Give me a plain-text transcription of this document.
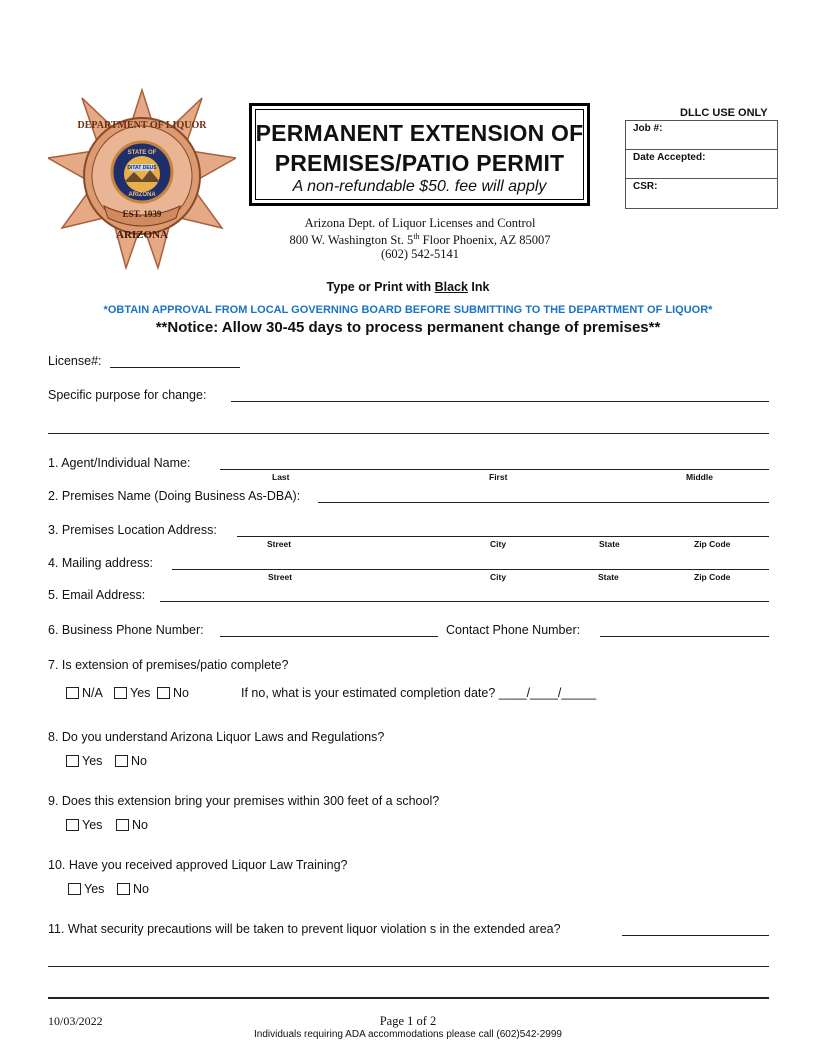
DEPARTMENT OF LIQUOR
STATE OF
DITAT DEUS
ARIZONA
EST. 1939
ARIZONA
PERMANENT EXTENSION OF
PREMISES/PATIO PERMIT
A non-refundable $50. fee will apply
DLLC USE ONLY
Job #:
Date Accepted:
CSR:
Arizona Dept. of Liquor Licenses and Control
800 W. Washington St. 5th Floor Phoenix, AZ 85007
(602) 542-5141
Type or Print with Black Ink
*OBTAIN APPROVAL FROM LOCAL GOVERNING BOARD BEFORE SUBMITTING TO THE DEPARTMENT OF LIQUOR*
**Notice: Allow 30-45 days to process permanent change of premises**
License#:
Specific purpose for change:
1. Agent/Individual Name:
Last	First	Middle
2. Premises Name (Doing Business As-DBA):
3. Premises Location Address:
Street	City	State	Zip Code
4. Mailing address:
Street	City	State	Zip Code
5. Email Address:
6. Business Phone Number:	Contact Phone Number:
7. Is extension of premises/patio complete?
N/A	Yes	No	If no, what is your estimated completion date? ____/____/_____
8. Do you understand Arizona Liquor Laws and Regulations?
Yes	No
9. Does this extension bring your premises within 300 feet of a school?
Yes	No
10. Have you received approved Liquor Law Training?
Yes	No
11. What security precautions will be taken to prevent liquor violation s in the extended area?
10/03/2022	Page 1 of 2
Individuals requiring ADA accommodations please call (602)542-2999
